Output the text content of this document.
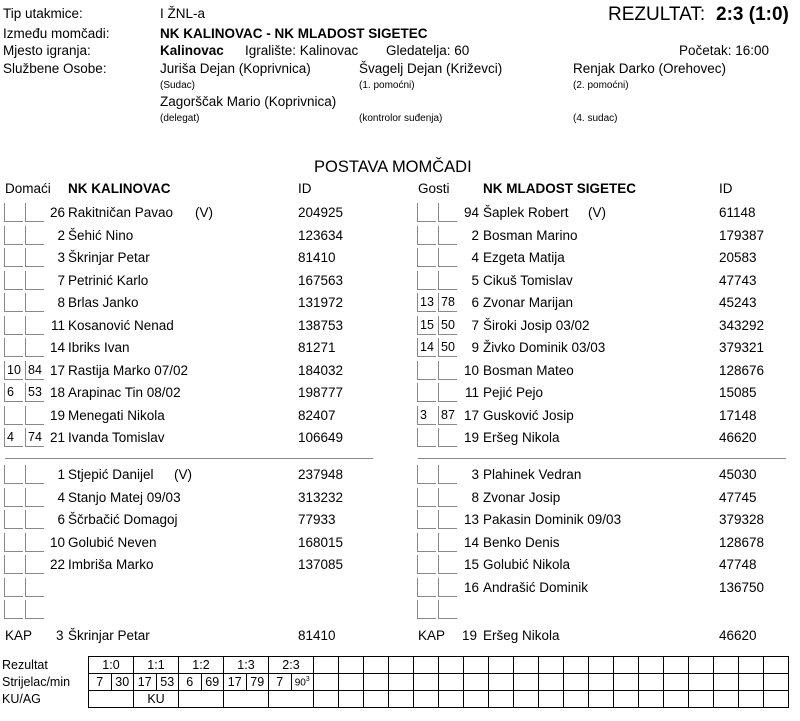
Tip utakmice:	I ŽNL-a	REZULTAT: 2:3 (1:0)
Između momčadi:	NK KALINOVAC - NK MLADOST SIGETEC
Mjesto igranja:	Kalinovac Igralište: Kalinovac Gledatelja: 60	Početak: 16:00
Službene Osobe:	Juriša Dejan (Koprivnica)	Švagelj Dejan (Križevci)	Renjak Darko (Orehovec)
(Sudac)	(1. pomoćni)	(2. pomoćni)
Zagorščak Mario (Koprivnica)
(delegat)	(kontrolor suđenja)	(4. sudac)
POSTAVA MOMČADI
Domaći NK KALINOVAC	ID	Gosti NK MLADOST SIGETEC	ID
26 Rakitničan Pavao (V)	204925
2 Šehić Nino	123634
3 Škrinjar Petar	81410
7 Petrinić Karlo	167563
8 Brlas Janko	131972
11 Kosanović Nenad	138753
14 Ibriks Ivan	81271
10 84 17 Rastija Marko 07/02	184032
6	53 18 Arapinac Tin 08/02	198777
19 Menegati Nikola	82407
4	74 21 Ivanda Tomislav	106649
1 Stjepić Danijel (V)	237948
4 Stanjo Matej 09/03	313232
6 Ščrbačić Domagoj	77933
10 Golubić Neven	168015
22 Imbriša Marko	137085
94 Šaplek Robert (V)	61148
2 Bosman Marino	179387
4 Ezgeta Matija	20583
5 Cikuš Tomislav	47743
13 78 6 Zvonar Marijan	45243
15 50 7 Široki Josip 03/02	343292
14 50 9 Živko Dominik 03/03	379321
10 Bosman Mateo	128676
11 Pejić Pejo	15085
3	87 17 Gusković Josip	17148
19 Eršeg Nikola	46620
3 Plahinek Vedran	45030
8 Zvonar Josip	47745
13 Pakasin Dominik 09/03	379328
14 Benko Denis	128678
15 Golubić Nikola	47748
16 Andrašić Dominik	136750
KAP 3 Škrinjar Petar	81410	KAP 19 Eršeg Nikola	46620
Rezultat	1:0		1:1		1:2		1:3		2:3																				
Strijelac/min	7	30	17	53	6	69	17	79	7	$90^3$																			
KU/AG			KU																										
